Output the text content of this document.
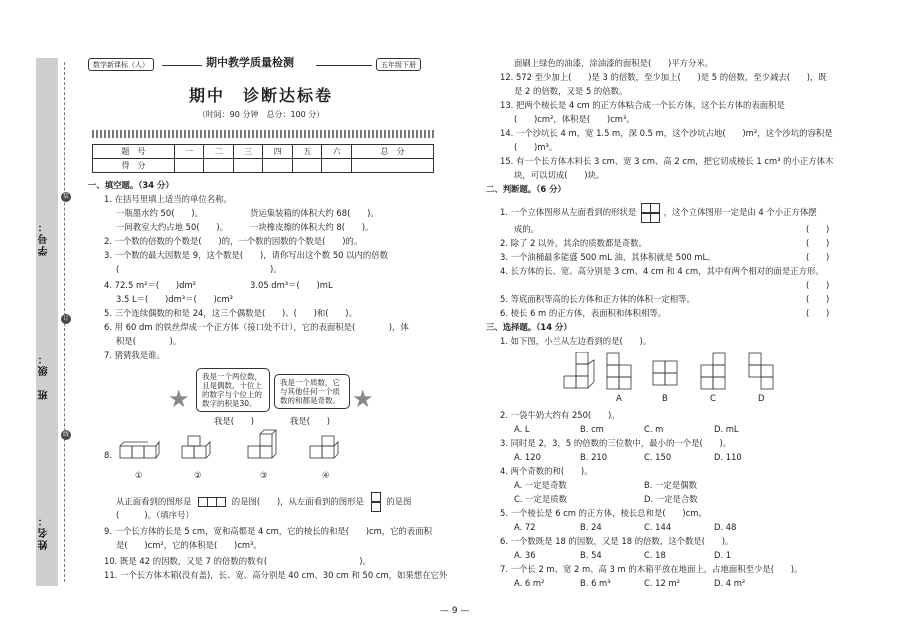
学号：
班　级：
姓名：
装
订
线
数学新课标（人）	期中教学质量检测	五年级下册
期中　诊断达标卷
（时间：90 分钟　总分：100 分）
题　号	一	二	三	四	五	六	总　分
得　分							
一、填空题。（34 分）
1. 在括号里填上适当的单位名称。
一瓶墨水约 50(　　)。	货运集装箱的体积大约 68(　　)。
一间教室大约占地 50(　　)。	一块橡皮擦的体积大约 8(　　)。
2. 一个数的倍数的个数是(　　)的，一个数的因数的个数是(　　)的。
3. 一个数的最大因数是 9，这个数是(　　)，请你写出这个数 50 以内的倍数
(　　　　　　　　　　　　　　　　　　)。
4. 72.5 m²＝(　　)dm²	3.05 dm³＝(　　)mL
3.5 L＝(　　)dm³＝(　　)cm³
5. 三个连续偶数的和是 24，这三个偶数是(　　)、(　　)和(　　)。
6. 用 60 dm 的铁丝焊成一个正方体（接口处不计），它的表面积是(　　　　)，体
积是(　　　　)。
7. 猜猜我是谁。
★
我是一个两位数，且是偶数，十位上的数字与个位上的数字的积是30。
我是一个质数，它与其他任何一个质数的和都是奇数。 ★
我是(　　)	我是(　　)
8.
①	②	③	④
从正面看到的图形是	的是图(　　)，从左面看到的图形是	的是图
(　　　)。（填序号）
9. 一个长方体的长是 5 cm，宽和高都是 4 cm，它的棱长的和是(　　)cm，它的表面积
是(　　)cm²，它的体积是(　　)cm³。
10. 既是 42 的因数，又是 7 的倍数的数有(　　　　　　　　　　　)。
11. 一个长方体木箱(没有盖)，长、宽、高分别是 40 cm、30 cm 和 50 cm，如果想在它外
面刷上绿色的油漆，涂油漆的面积是(　　)平方分米。
12. 572 至少加上(　　)是 3 的倍数，至少加上(　　)是 5 的倍数，至少减去(　　)，既
是 2 的倍数，又是 5 的倍数。
13. 把两个棱长是 4 cm 的正方体粘合成一个长方体，这个长方体的表面积是
(　　)cm²，体积是(　　)cm³。
14. 一个沙坑长 4 m，宽 1.5 m，深 0.5 m，这个沙坑占地(　　)m²，这个沙坑的容积是
(　　)m³。
15. 有一个长方体木料长 3 cm、宽 3 cm、高 2 cm，把它切成棱长 1 cm³ 的小正方体木
块，可以切成(　　)块。
二、判断题。（6 分）
1. 一个立体图形从左面看到的形状是	，这个立体图形一定是由 4 个小正方体摆
成的。	(　　)
2. 除了 2 以外，其余的质数都是奇数。	(　　)
3. 一个油桶最多能盛 500 mL 油，其体积就是 500 mL。	(　　)
4. 长方体的长、宽、高分别是 3 cm、4 cm 和 4 cm，其中有两个相对的面是正方形。
(　　)
5. 等底面积等高的长方体和正方体的体积一定相等。	(　　)
6. 棱长 6 m 的正方体，表面积和体积相等。	(　　)
三、选择题。（14 分）
1. 如下图，小兰从左边看到的是(　　)。
A	B	C	D
2. 一袋牛奶大约有 250(　　)。
A. L	B. cm	C. m	D. mL
3. 同时是 2，3，5 的倍数的三位数中，最小的一个是(　　)。
A. 120	B. 210	C. 150	D. 110
4. 两个奇数的和(　　)。
A. 一定是奇数	B. 一定是偶数
C. 一定是质数	D. 一定是合数
5. 一个棱长是 6 cm 的正方体，棱长总和是(　　)cm。
A. 72	B. 24	C. 144	D. 48
6. 一个数既是 18 的因数，又是 18 的倍数，这个数是(　　)。
A. 36	B. 54	C. 18	D. 1
7. 一个长 2 m、宽 2 m、高 3 m 的木箱平放在地面上，占地面积至少是(　　)。
A. 6 m²	B. 6 m³	C. 12 m²	D. 4 m²
— 9 —
